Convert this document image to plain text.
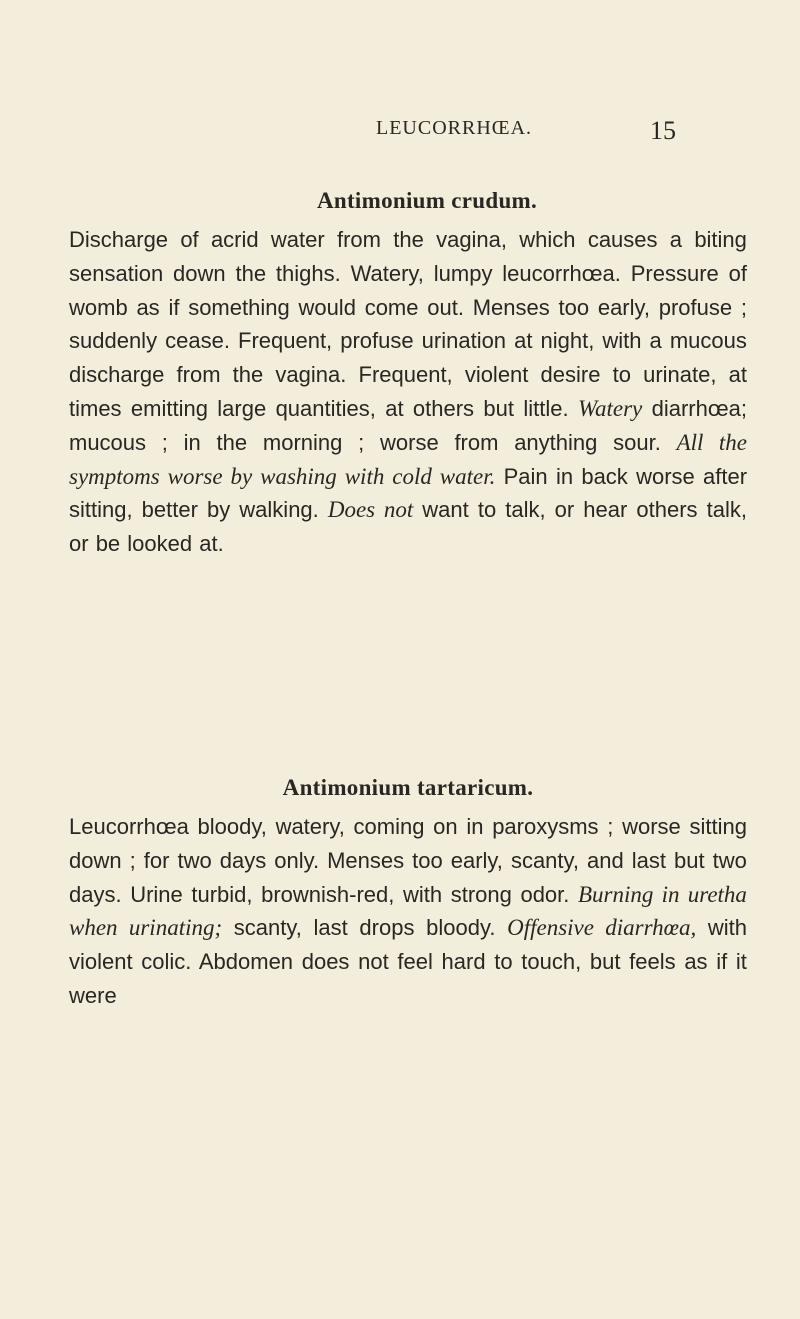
LEUCORRHŒA.	15
Antimonium crudum.

Discharge of acrid water from the vagina, which causes a biting
sensation down the thighs. Watery, lumpy leucorrhœa. Pressure of
womb as if something would come out. Menses too early, profuse ;
suddenly cease. Frequent, profuse urination at night, with a mucous
discharge from the vagina. Frequent, violent desire to urinate, at
times emitting large quantities, at others but little. Watery diarrhœa;
mucous ; in the morning ; worse from anything sour. All the
symptoms worse by washing with cold water. Pain in back worse after
sitting, better by walking. Does not want to talk, or hear others talk,
or be looked at.

Antimonium tartaricum.

Leucorrhœa bloody, watery, coming on in paroxysms ; worse sitting
down ; for two days only. Menses too early, scanty, and last but two
days. Urine turbid, brownish-red, with strong odor. Burning in uretha
when urinating; scanty, last drops bloody. Offensive diarrhœa, with
violent colic. Abdomen does not feel hard to touch, but feels as if it
were
